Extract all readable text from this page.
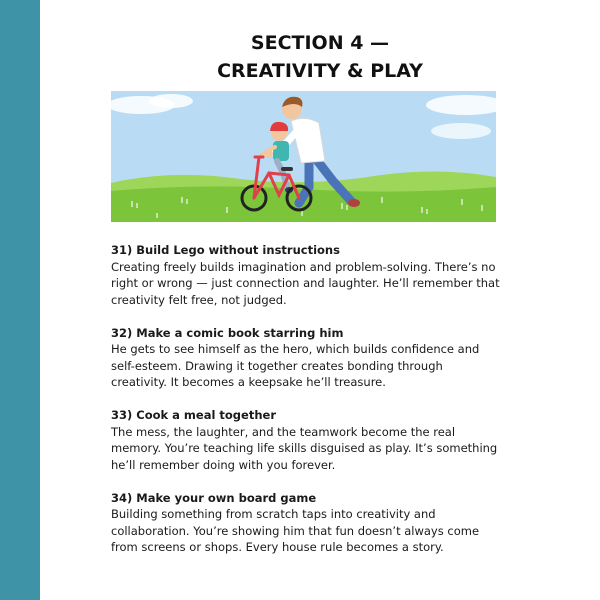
SECTION 4 —
CREATIVITY & PLAY
31) Build Lego without instructions
Creating freely builds imagination and problem-solving. There’s no
right or wrong — just connection and laughter. He’ll remember that
creativity felt free, not judged.
32) Make a comic book starring him
He gets to see himself as the hero, which builds confidence and
self-esteem. Drawing it together creates bonding through
creativity. It becomes a keepsake he’ll treasure.
33) Cook a meal together
The mess, the laughter, and the teamwork become the real
memory. You’re teaching life skills disguised as play. It’s something
he’ll remember doing with you forever.
34) Make your own board game
Building something from scratch taps into creativity and
collaboration. You’re showing him that fun doesn’t always come
from screens or shops. Every house rule becomes a story.
